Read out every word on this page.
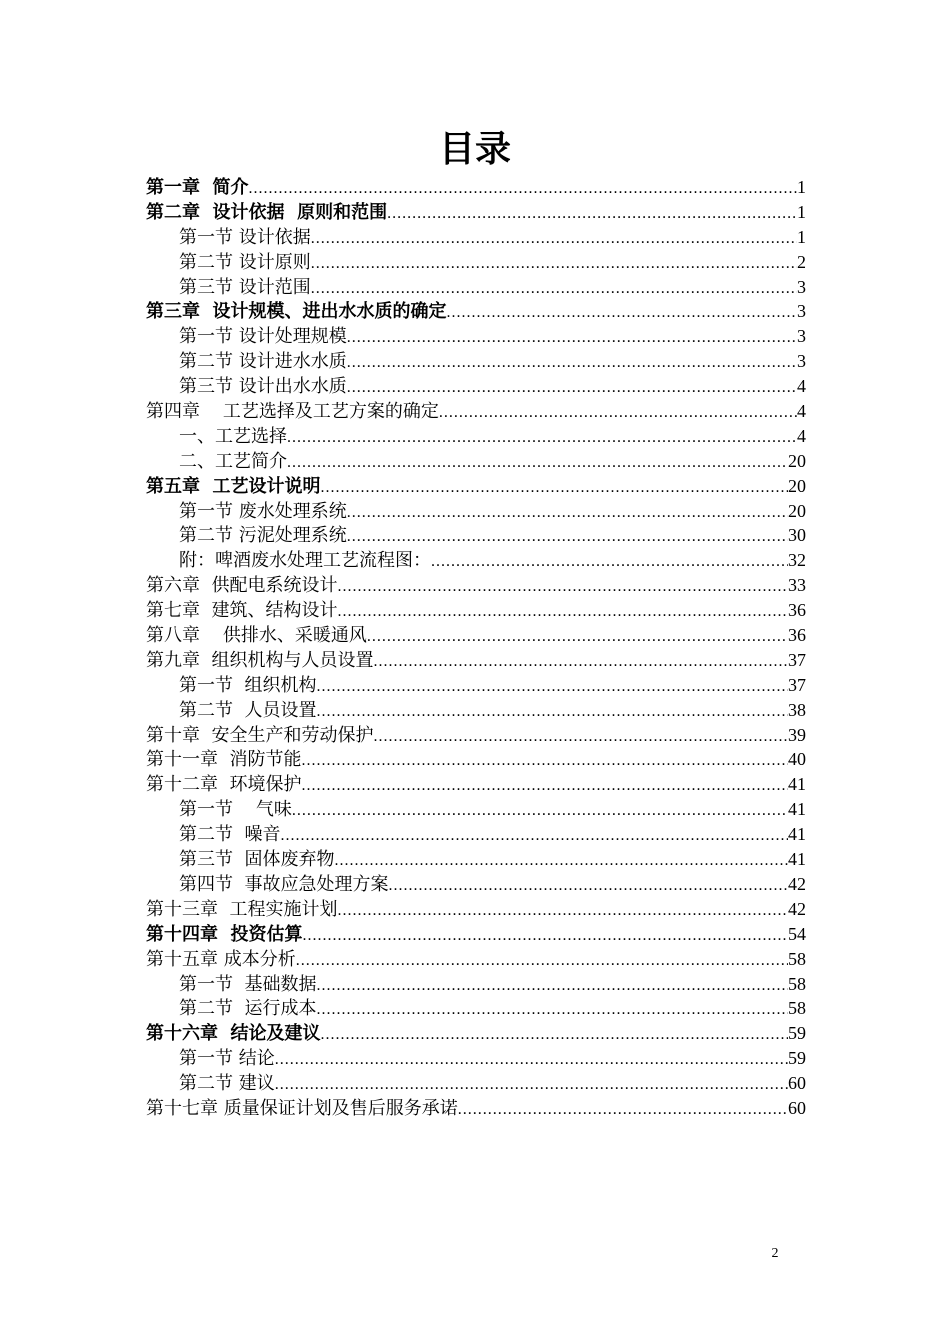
目录
第一章  简介 .....	1
第二章  设计依据  原则和范围 .....	1
第一节 设计依据 .....	1
第二节 设计原则 .....	2
第三节 设计范围 .....	3
第三章  设计规模、进出水水质的确定 .....	3
第一节 设计处理规模 .....	3
第二节 设计进水水质 .....	3
第三节 设计出水水质 .....	4
第四章    工艺选择及工艺方案的确定 .....	4
一、工艺选择 .....	4
二、工艺简介 .....	20
第五章  工艺设计说明 .....	20
第一节 废水处理系统 .....	20
第二节 污泥处理系统 .....	30
附：啤酒废水处理工艺流程图： .....	32
第六章  供配电系统设计 .....	33
第七章  建筑、结构设计 .....	36
第八章    供排水、采暖通风 .....	36
第九章  组织机构与人员设置 .....	37
第一节  组织机构 .....	37
第二节  人员设置 .....	38
第十章  安全生产和劳动保护 .....	39
第十一章  消防节能 .....	40
第十二章  环境保护 .....	41
第一节    气味 .....	41
第二节  噪音 .....	41
第三节  固体废弃物 .....	41
第四节  事故应急处理方案 .....	42
第十三章  工程实施计划 .....	42
第十四章  投资估算 .....	54
第十五章 成本分析 .....	58
第一节  基础数据 .....	58
第二节  运行成本 .....	58
第十六章  结论及建议 .....	59
第一节 结论 .....	59
第二节 建议 .....	60
第十七章 质量保证计划及售后服务承诺 .....	60
2
